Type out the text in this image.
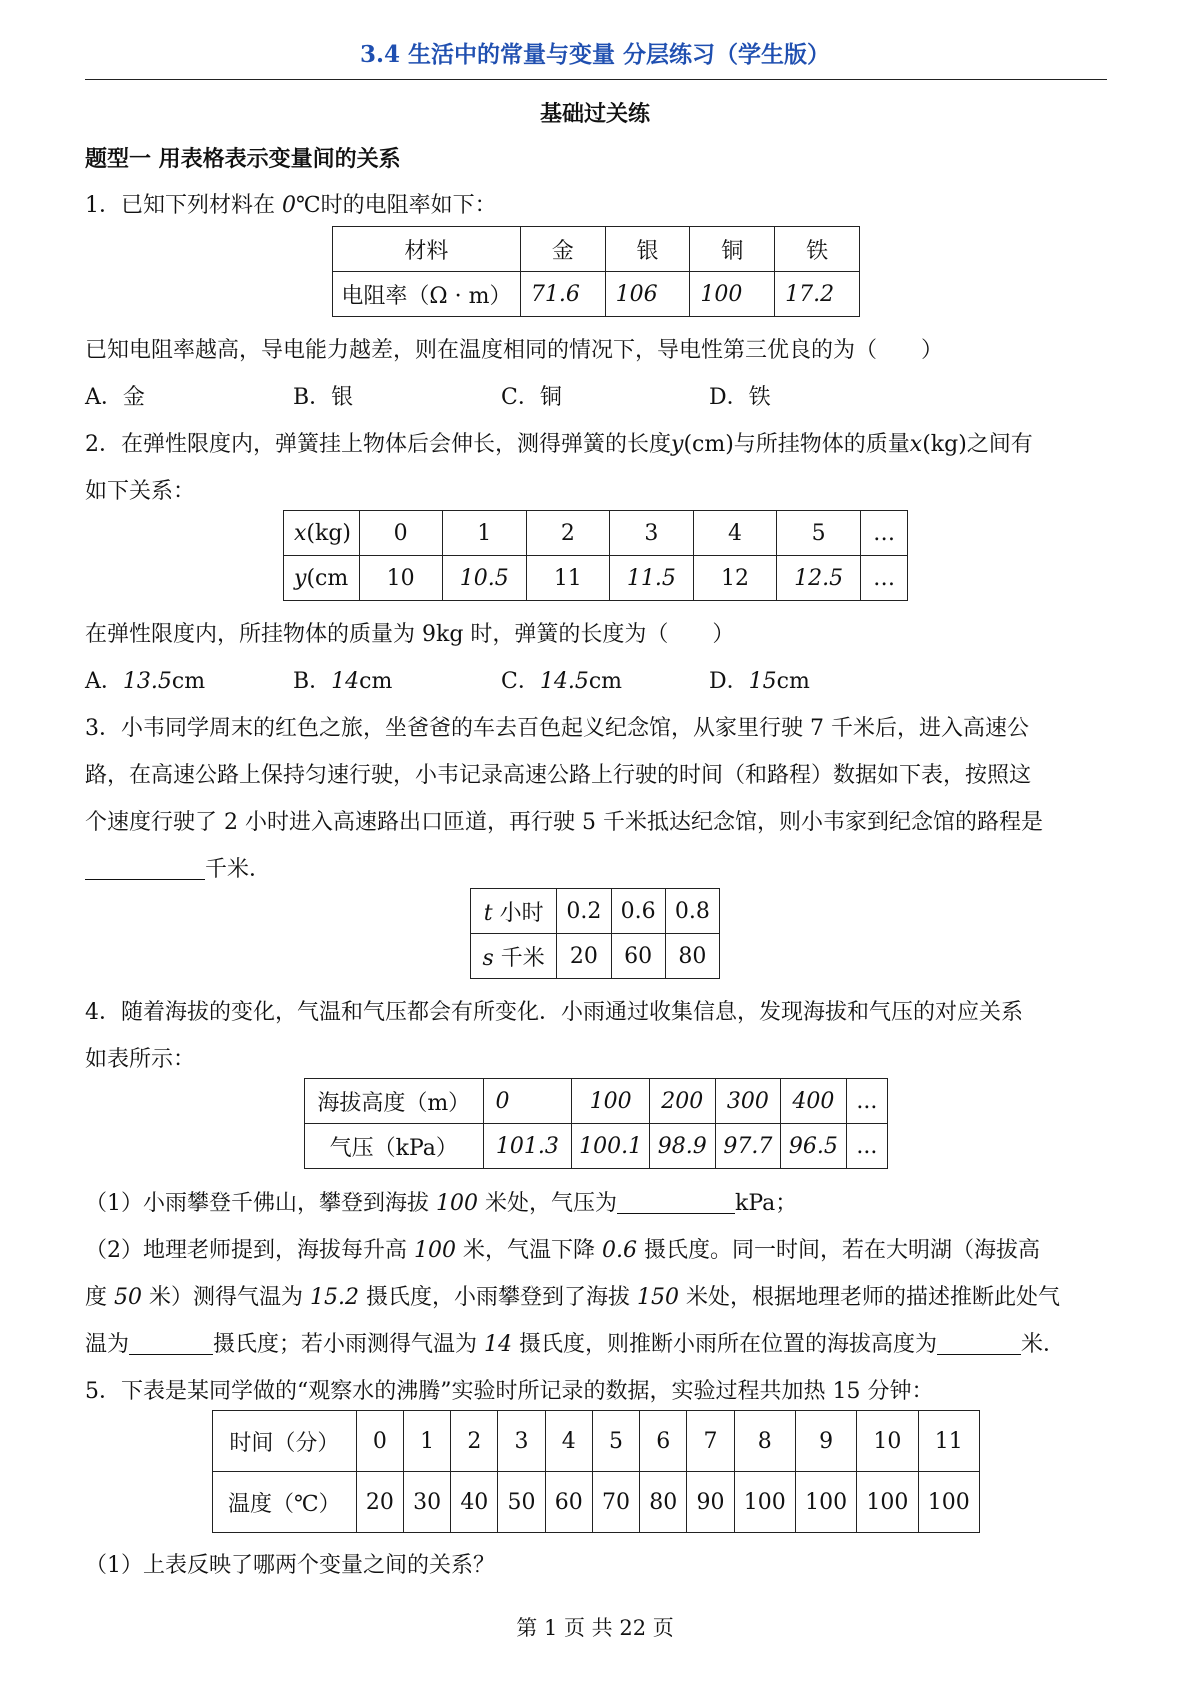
3.4 生活中的常量与变量 分层练习（学生版）
基础过关练
题型一 用表格表示变量间的关系
1．已知下列材料在 0℃时的电阻率如下：
材料	金	银	铜	铁
电阻率（Ω · m）	71.6	106	100	17.2
已知电阻率越高，导电能力越差，则在温度相同的情况下，导电性第三优良的为（　　）
A．金	B．银	C．铜	D．铁
2．在弹性限度内，弹簧挂上物体后会伸长，测得弹簧的长度y(cm)与所挂物体的质量x(kg)之间有
如下关系：
x(kg)	0	1	2	3	4	5	…
y(cm	10	10.5	11	11.5	12	12.5	…
在弹性限度内，所挂物体的质量为 9kg 时，弹簧的长度为（　　）
A．13.5cm	B．14cm	C．14.5cm	D．15cm
3．小韦同学周末的红色之旅，坐爸爸的车去百色起义纪念馆，从家里行驶 7 千米后，进入高速公
路，在高速公路上保持匀速行驶，小韦记录高速公路上行驶的时间（和路程）数据如下表，按照这
个速度行驶了 2 小时进入高速路出口匝道，再行驶 5 千米抵达纪念馆，则小韦家到纪念馆的路程是
千米．
t 小时	0.2	0.6	0.8
s 千米	20	60	80
4．随着海拔的变化，气温和气压都会有所变化．小雨通过收集信息，发现海拔和气压的对应关系
如表所示：
海拔高度（m）	0	100	200	300	400	...
气压（kPa）	101.3	100.1	98.9	97.7	96.5	...
（1）小雨攀登千佛山，攀登到海拔 100 米处，气压为	kPa；
（2）地理老师提到，海拔每升高 100 米，气温下降 0.6 摄氏度。同一时间，若在大明湖（海拔高
度 50 米）测得气温为 15.2 摄氏度，小雨攀登到了海拔 150 米处，根据地理老师的描述推断此处气
温为	摄氏度；若小雨测得气温为 14 摄氏度，则推断小雨所在位置的海拔高度为	米．
5．下表是某同学做的“观察水的沸腾”实验时所记录的数据，实验过程共加热 15 分钟：
时间（分）	0	1	2	3	4	5	6	7	8	9	10	11
温度（℃）	20	30	40	50	60	70	80	90	100	100	100	100
（1）上表反映了哪两个变量之间的关系？
第 1 页 共 22 页
